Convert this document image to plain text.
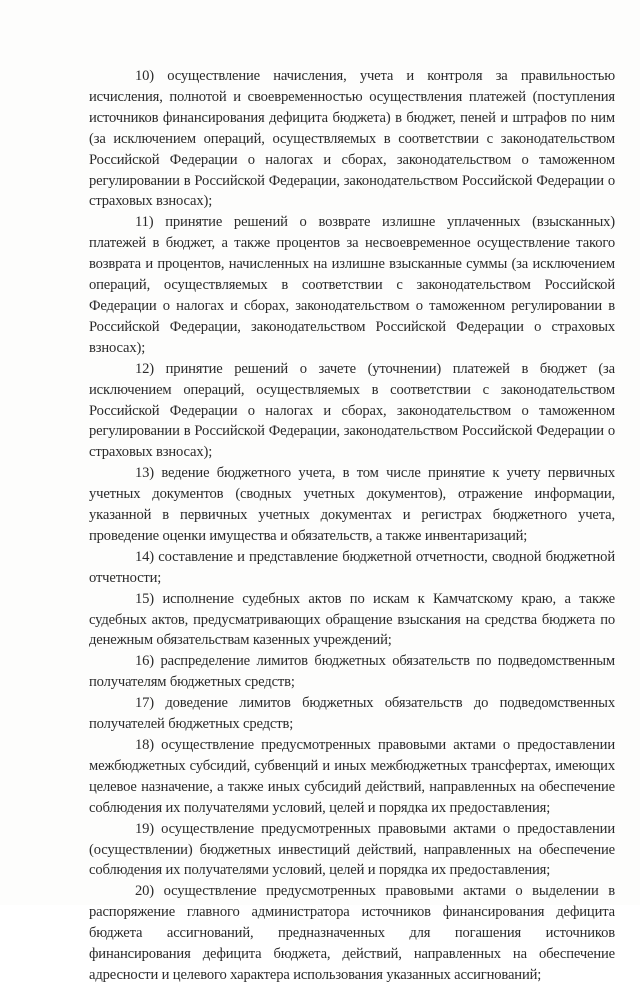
10) осуществление начисления, учета и контроля за правильностью исчисления, полнотой и своевременностью осуществления платежей (поступления источников финансирования дефицита бюджета) в бюджет, пеней и штрафов по ним (за исключением операций, осуществляемых в соответствии с законодательством Российской Федерации о налогах и сборах, законодательством о таможенном регулировании в Российской Федерации, законодательством Российской Федерации о страховых взносах);

11) принятие решений о возврате излишне уплаченных (взысканных) платежей в бюджет, а также процентов за несвоевременное осуществление такого возврата и процентов, начисленных на излишне взысканные суммы (за исключением операций, осуществляемых в соответствии с законодательством Российской Федерации о налогах и сборах, законодательством о таможенном регулировании в Российской Федерации, законодательством Российской Федерации о страховых взносах);

12) принятие решений о зачете (уточнении) платежей в бюджет (за исключением операций, осуществляемых в соответствии с законодательством Российской Федерации о налогах и сборах, законодательством о таможенном регулировании в Российской Федерации, законодательством Российской Федерации о страховых взносах);

13) ведение бюджетного учета, в том числе принятие к учету первичных учетных документов (сводных учетных документов), отражение информации, указанной в первичных учетных документах и регистрах бюджетного учета, проведение оценки имущества и обязательств, а также инвентаризаций;

14) составление и представление бюджетной отчетности, сводной бюджетной отчетности;

15) исполнение судебных актов по искам к Камчатскому краю, а также судебных актов, предусматривающих обращение взыскания на средства бюджета по денежным обязательствам казенных учреждений;

16) распределение лимитов бюджетных обязательств по подведомственным получателям бюджетных средств;

17) доведение лимитов бюджетных обязательств до подведомственных получателей бюджетных средств;

18) осуществление предусмотренных правовыми актами о предоставлении межбюджетных субсидий, субвенций и иных межбюджетных трансфертах, имеющих целевое назначение, а также иных субсидий действий, направленных на обеспечение соблюдения их получателями условий, целей и порядка их предоставления;

19) осуществление предусмотренных правовыми актами о предоставлении (осуществлении) бюджетных инвестиций действий, направленных на обеспечение соблюдения их получателями условий, целей и порядка их предоставления;

20) осуществление предусмотренных правовыми актами о выделении в распоряжение главного администратора источников финансирования дефицита бюджета ассигнований, предназначенных для погашения источников финансирования дефицита бюджета, действий, направленных на обеспечение адресности и целевого характера использования указанных ассигнований;
